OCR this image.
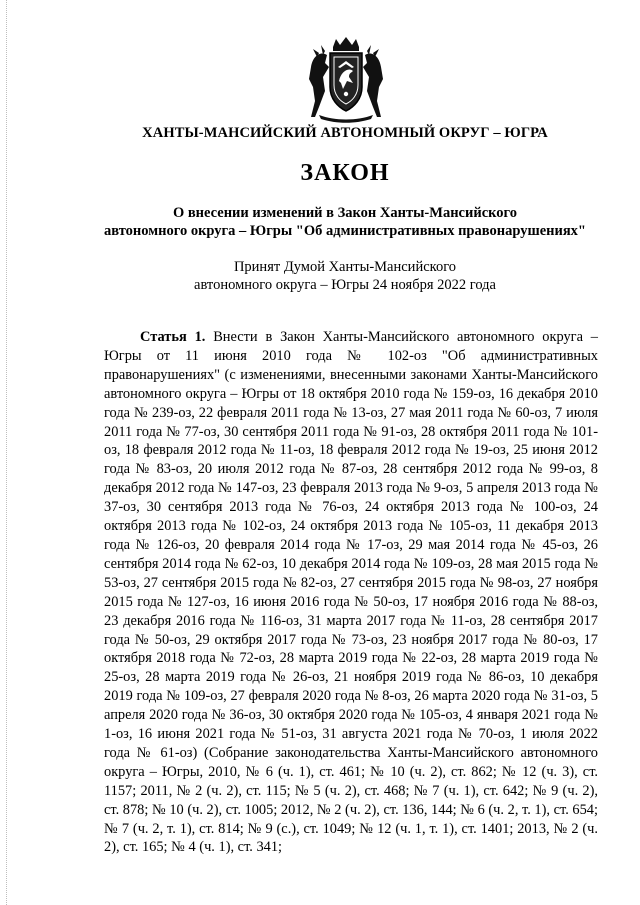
ХАНТЫ-МАНСИЙСКИЙ АВТОНОМНЫЙ ОКРУГ – ЮГРА
ЗАКОН
О внесении изменений в Закон Ханты-Мансийского
автономного округа – Югры "Об административных правонарушениях"
Принят Думой Ханты-Мансийского
автономного округа – Югры 24 ноября 2022 года
Статья 1. Внести в Закон Ханты-Мансийского автономного округа – Югры от 11 июня 2010 года № 102-оз "Об административных правонарушениях" (с изменениями, внесенными законами Ханты-Мансийского автономного округа – Югры от 18 октября 2010 года № 159-оз, 16 декабря 2010 года № 239-оз, 22 февраля 2011 года № 13-оз, 27 мая 2011 года № 60-оз, 7 июля 2011 года № 77-оз, 30 сентября 2011 года № 91-оз, 28 октября 2011 года № 101-оз, 18 февраля 2012 года № 11-оз, 18 февраля 2012 года № 19-оз, 25 июня 2012 года № 83-оз, 20 июля 2012 года № 87-оз, 28 сентября 2012 года № 99-оз, 8 декабря 2012 года № 147-оз, 23 февраля 2013 года № 9-оз, 5 апреля 2013 года № 37-оз, 30 сентября 2013 года № 76-оз, 24 октября 2013 года № 100-оз, 24 октября 2013 года № 102-оз, 24 октября 2013 года № 105-оз, 11 декабря 2013 года № 126-оз, 20 февраля 2014 года № 17-оз, 29 мая 2014 года № 45-оз, 26 сентября 2014 года № 62-оз, 10 декабря 2014 года № 109-оз, 28 мая 2015 года № 53-оз, 27 сентября 2015 года № 82-оз, 27 сентября 2015 года № 98-оз, 27 ноября 2015 года № 127-оз, 16 июня 2016 года № 50-оз, 17 ноября 2016 года № 88-оз, 23 декабря 2016 года № 116-оз, 31 марта 2017 года № 11-оз, 28 сентября 2017 года № 50-оз, 29 октября 2017 года № 73-оз, 23 ноября 2017 года № 80-оз, 17 октября 2018 года № 72-оз, 28 марта 2019 года № 22-оз, 28 марта 2019 года № 25-оз, 28 марта 2019 года № 26-оз, 21 ноября 2019 года № 86-оз, 10 декабря 2019 года № 109-оз, 27 февраля 2020 года № 8-оз, 26 марта 2020 года № 31-оз, 5 апреля 2020 года № 36-оз, 30 октября 2020 года № 105-оз, 4 января 2021 года № 1-оз, 16 июня 2021 года № 51-оз, 31 августа 2021 года № 70-оз, 1 июля 2022 года № 61-оз) (Собрание законодательства Ханты-Мансийского автономного округа – Югры, 2010, № 6 (ч. 1), ст. 461; № 10 (ч. 2), ст. 862; № 12 (ч. 3), ст. 1157; 2011, № 2 (ч. 2), ст. 115; № 5 (ч. 2), ст. 468; № 7 (ч. 1), ст. 642; № 9 (ч. 2), ст. 878; № 10 (ч. 2), ст. 1005; 2012, № 2 (ч. 2), ст. 136, 144; № 6 (ч. 2, т. 1), ст. 654; № 7 (ч. 2, т. 1), ст. 814; № 9 (с.), ст. 1049; № 12 (ч. 1, т. 1), ст. 1401; 2013, № 2 (ч. 2), ст. 165; № 4 (ч. 1), ст. 341;
